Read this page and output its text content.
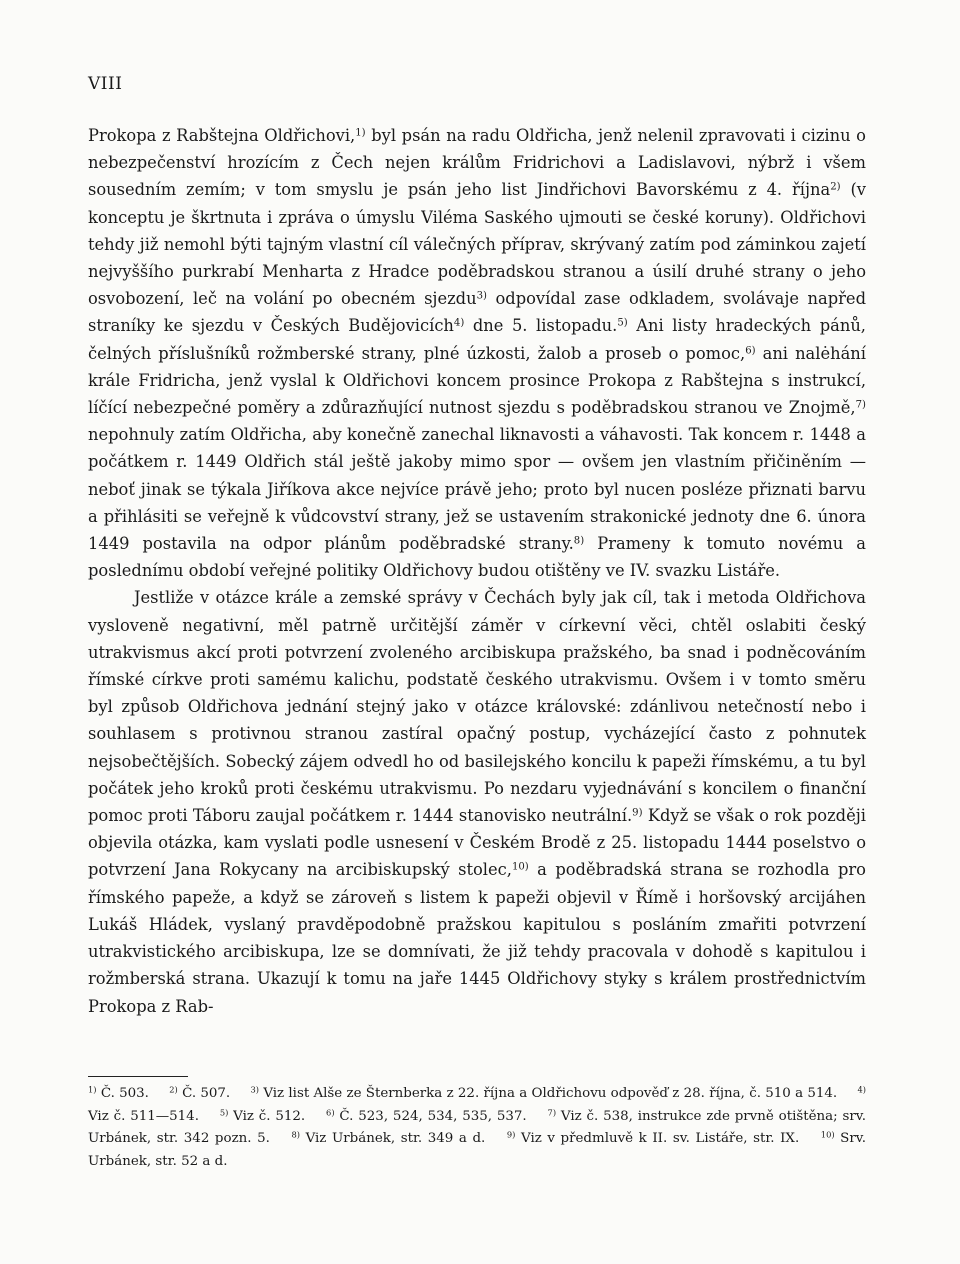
VIII

Prokopa z Rabštejna Oldřichovi,$^{1)}$ byl psán na radu Oldřicha, jenž nelenil zpravovati i cizinu o nebezpečenství hrozícím z Čech nejen králům Fridrichovi a Ladislavovi, nýbrž i všem sousedním zemím; v tom smyslu je psán jeho list Jindřichovi Bavorskému z 4. října$^{2)}$ (v konceptu je škrtnuta i zpráva o úmyslu Viléma Saského ujmouti se české koruny). Oldřichovi tehdy již nemohl býti tajným vlastní cíl válečných příprav, skrývaný zatím pod záminkou zajetí nejvyššího purkrabí Menharta z Hradce poděbradskou stranou a úsilí druhé strany o jeho osvobození, leč na volání po obecném sjezdu$^{3)}$ odpovídal zase odkladem, svolávaje napřed straníky ke sjezdu v Českých Budějovicích$^{4)}$ dne 5. listopadu.$^{5)}$ Ani listy hradeckých pánů, čelných příslušníků rožmberské strany, plné úzkosti, žalob a proseb o pomoc,$^{6)}$ ani nalėhání krále Fridricha, jenž vyslal k Oldřichovi koncem prosince Prokopa z Rabštejna s instrukcí, líčící nebezpečné poměry a zdůrazňující nutnost sjezdu s poděbradskou stranou ve Znojmě,$^{7)}$ nepohnuly zatím Oldřicha, aby konečně zanechal liknavosti a váhavosti. Tak koncem r. 1448 a počátkem r. 1449 Oldřich stál ještě jakoby mimo spor — ovšem jen vlastním přičiněním — neboť jinak se týkala Jiříkova akce nejvíce právě jeho; proto byl nucen posléze přiznati barvu a přihlásiti se veřejně k vůdcovství strany, jež se ustavením strakonické jednoty dne 6. února 1449 postavila na odpor plánům poděbradské strany.$^{8)}$ Prameny k tomuto novému a poslednímu období veřejné politiky Oldřichovy budou otištěny ve IV. svazku Listáře.

Jestliže v otázce krále a zemské správy v Čechách byly jak cíl, tak i metoda Oldřichova vysloveně negativní, měl patrně určitější záměr v církevní věci, chtěl oslabiti český utrakvismus akcí proti potvrzení zvoleného arcibiskupa pražského, ba snad i podněcováním římské církve proti samému kalichu, podstatě českého utrakvismu. Ovšem i v tomto směru byl způsob Oldřichova jednání stejný jako v otázce královské: zdánlivou netečností nebo i souhlasem s protivnou stranou zastíral opačný postup, vycházející často z pohnutek nejsobečtějších. Sobecký zájem odvedl ho od basilejského koncilu k papeži římskému, a tu byl počátek jeho kroků proti českému utrakvismu. Po nezdaru vyjednávání s koncilem o finanční pomoc proti Táboru zaujal počátkem r. 1444 stanovisko neutrální.$^{9)}$ Když se však o rok později objevila otázka, kam vyslati podle usnesení v Českém Brodě z 25. listopadu 1444 poselstvo o potvrzení Jana Rokycany na arcibiskupský stolec,$^{10)}$ a poděbradská strana se rozhodla pro římského papeže, a když se zároveň s listem k papeži objevil v Římě i horšovský arcijáhen Lukáš Hládek, vyslaný pravděpodobně pražskou kapitulou s posláním zmařiti potvrzení utrakvistického arcibiskupa, lze se domnívati, že již tehdy pracovala v dohodě s kapitulou i rožmberská strana. Ukazují k tomu na jaře 1445 Oldřichovy styky s králem prostřednictvím Prokopa z Rab-

$^{1)}$ Č. 503. $^{2)}$ Č. 507. $^{3)}$ Viz list Alše ze Šternberka z 22. října a Oldřichovu odpověď z 28. října, č. 510 a 514. $^{4)}$ Viz č. 511—514.	$^{5)}$ Viz č. 512.	$^{6)}$ Č. 523, 524, 534, 535, 537.	$^{7)}$ Viz č. 538, instrukce zde prvně otištěna; srv. Urbánek, str. 342 pozn. 5.	$^{8)}$ Viz Urbánek, str. 349 a d.	$^{9)}$ Viz v předmluvě k II. sv. Listáře, str. IX.	$^{10)}$ Srv. Urbánek, str. 52 a d.
